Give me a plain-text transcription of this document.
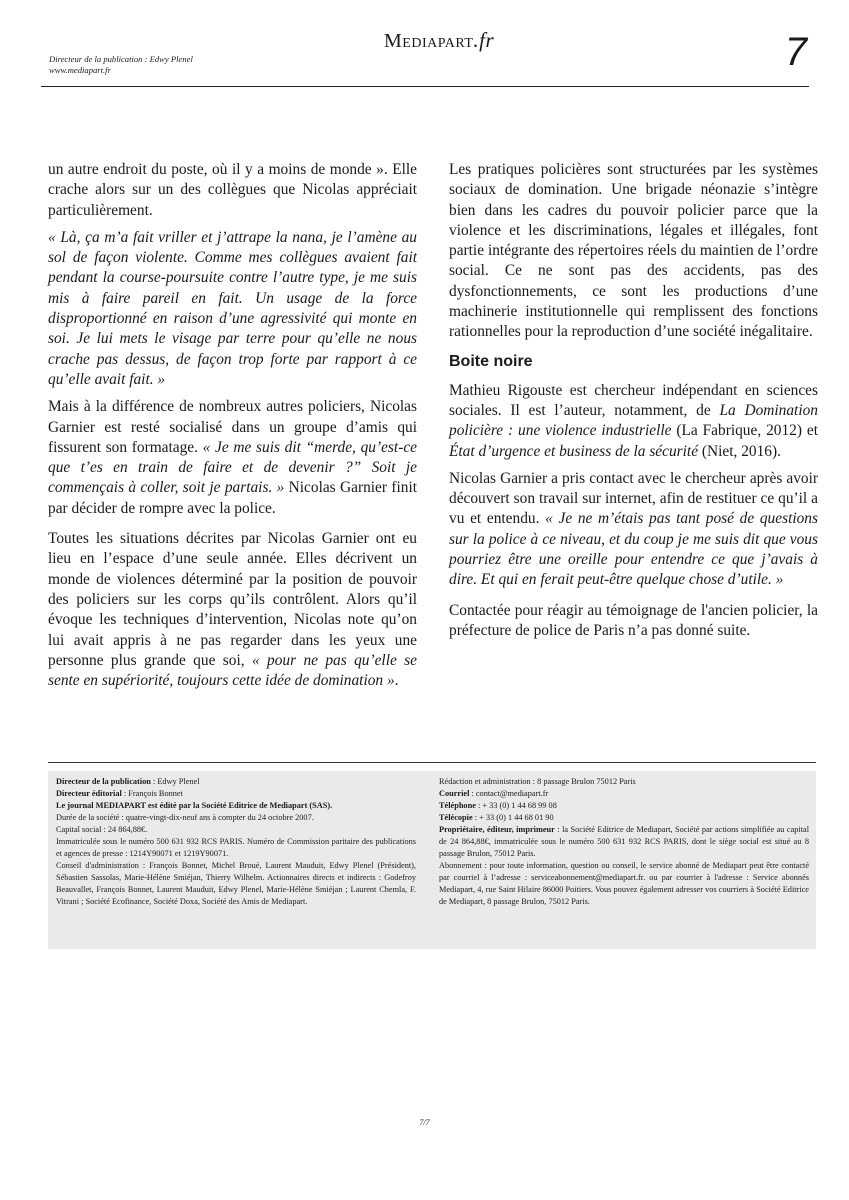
Directeur de la publication : Edwy Plenel
www.mediapart.fr
Mediapart.fr	7

un autre endroit du poste, où il y a moins de monde ». Elle crache alors sur un des collègues que Nicolas appréciait particulièrement.

« Là, ça m’a fait vriller et j’attrape la nana, je l’amène au sol de façon violente. Comme mes collègues avaient fait pendant la course-poursuite contre l’autre type, je me suis mis à faire pareil en fait. Un usage de la force disproportionné en raison d’une agressivité qui monte en soi. Je lui mets le visage par terre pour qu’elle ne nous crache pas dessus, de façon trop forte par rapport à ce qu’elle avait fait. »

Mais à la différence de nombreux autres policiers, Nicolas Garnier est resté socialisé dans un groupe d’amis qui fissurent son formatage. « Je me suis dit “merde, qu’est-ce que t’es en train de faire et de devenir ?” Soit je commençais à coller, soit je partais. » Nicolas Garnier finit par décider de rompre avec la police.

Toutes les situations décrites par Nicolas Garnier ont eu lieu en l’espace d’une seule année. Elles décrivent un monde de violences déterminé par la position de pouvoir des policiers sur les corps qu’ils contrôlent. Alors qu’il évoque les techniques d’intervention, Nicolas note qu’on lui avait appris à ne pas regarder dans les yeux une personne plus grande que soi, « pour ne pas qu’elle se sente en supériorité, toujours cette idée de domination ».

Les pratiques policières sont structurées par les systèmes sociaux de domination. Une brigade néonazie s’intègre bien dans les cadres du pouvoir policier parce que la violence et les discriminations, légales et illégales, font partie intégrante des répertoires réels du maintien de l’ordre social. Ce ne sont pas des accidents, pas des dysfonctionnements, ce sont les productions d’une machinerie institutionnelle qui remplissent des fonctions rationnelles pour la reproduction d’une société inégalitaire.

Boite noire

Mathieu Rigouste est chercheur indépendant en sciences sociales. Il est l’auteur, notamment, de La Domination policière : une violence industrielle (La Fabrique, 2012) et État d’urgence et business de la sécurité (Niet, 2016).

Nicolas Garnier a pris contact avec le chercheur après avoir découvert son travail sur internet, afin de restituer ce qu’il a vu et entendu. « Je ne m’étais pas tant posé de questions sur la police à ce niveau, et du coup je me suis dit que vous pourriez être une oreille pour entendre ce que j’avais à dire. Et qui en ferait peut-être quelque chose d’utile. »

Contactée pour réagir au témoignage de l'ancien policier, la préfecture de police de Paris n’a pas donné suite.

Directeur de la publication : Edwy Plenel
Directeur éditorial : François Bonnet
Le journal MEDIAPART est édité par la Société Editrice de Mediapart (SAS).
Durée de la société : quatre-vingt-dix-neuf ans à compter du 24 octobre 2007.
Capital social : 24 864,88€.
Immatriculée sous le numéro 500 631 932 RCS PARIS. Numéro de Commission paritaire des publications et agences de presse : 1214Y90071 et 1219Y90071.
Conseil d'administration : François Bonnet, Michel Broué, Laurent Mauduit, Edwy Plenel (Président), Sébastien Sassolas, Marie-Hélène Smiéjan, Thierry Wilhelm. Actionnaires directs et indirects : Godefroy Beauvallet, François Bonnet, Laurent Mauduit, Edwy Plenel, Marie-Hélène Smiéjan ; Laurent Chemla, F. Vitrani ; Société Ecofinance, Société Doxa, Société des Amis de Mediapart.
Rédaction et administration : 8 passage Brulon 75012 Paris
Courriel : contact@mediapart.fr
Téléphone : + 33 (0) 1 44 68 99 08
Télécopie : + 33 (0) 1 44 68 01 90
Propriétaire, éditeur, imprimeur : la Société Editrice de Mediapart, Société par actions simplifiée au capital de 24 864,88€, immatriculée sous le numéro 500 631 932 RCS PARIS, dont le siège social est situé au 8 passage Brulon, 75012 Paris.
Abonnement : pour toute information, question ou conseil, le service abonné de Mediapart peut être contacté par courriel à l’adresse : serviceabonnement@mediapart.fr. ou par courrier à l'adresse : Service abonnés Mediapart, 4, rue Saint Hilaire 86000 Poitiers. Vous pouvez également adresser vos courriers à Société Editrice de Mediapart, 8 passage Brulon, 75012 Paris.
7/7
